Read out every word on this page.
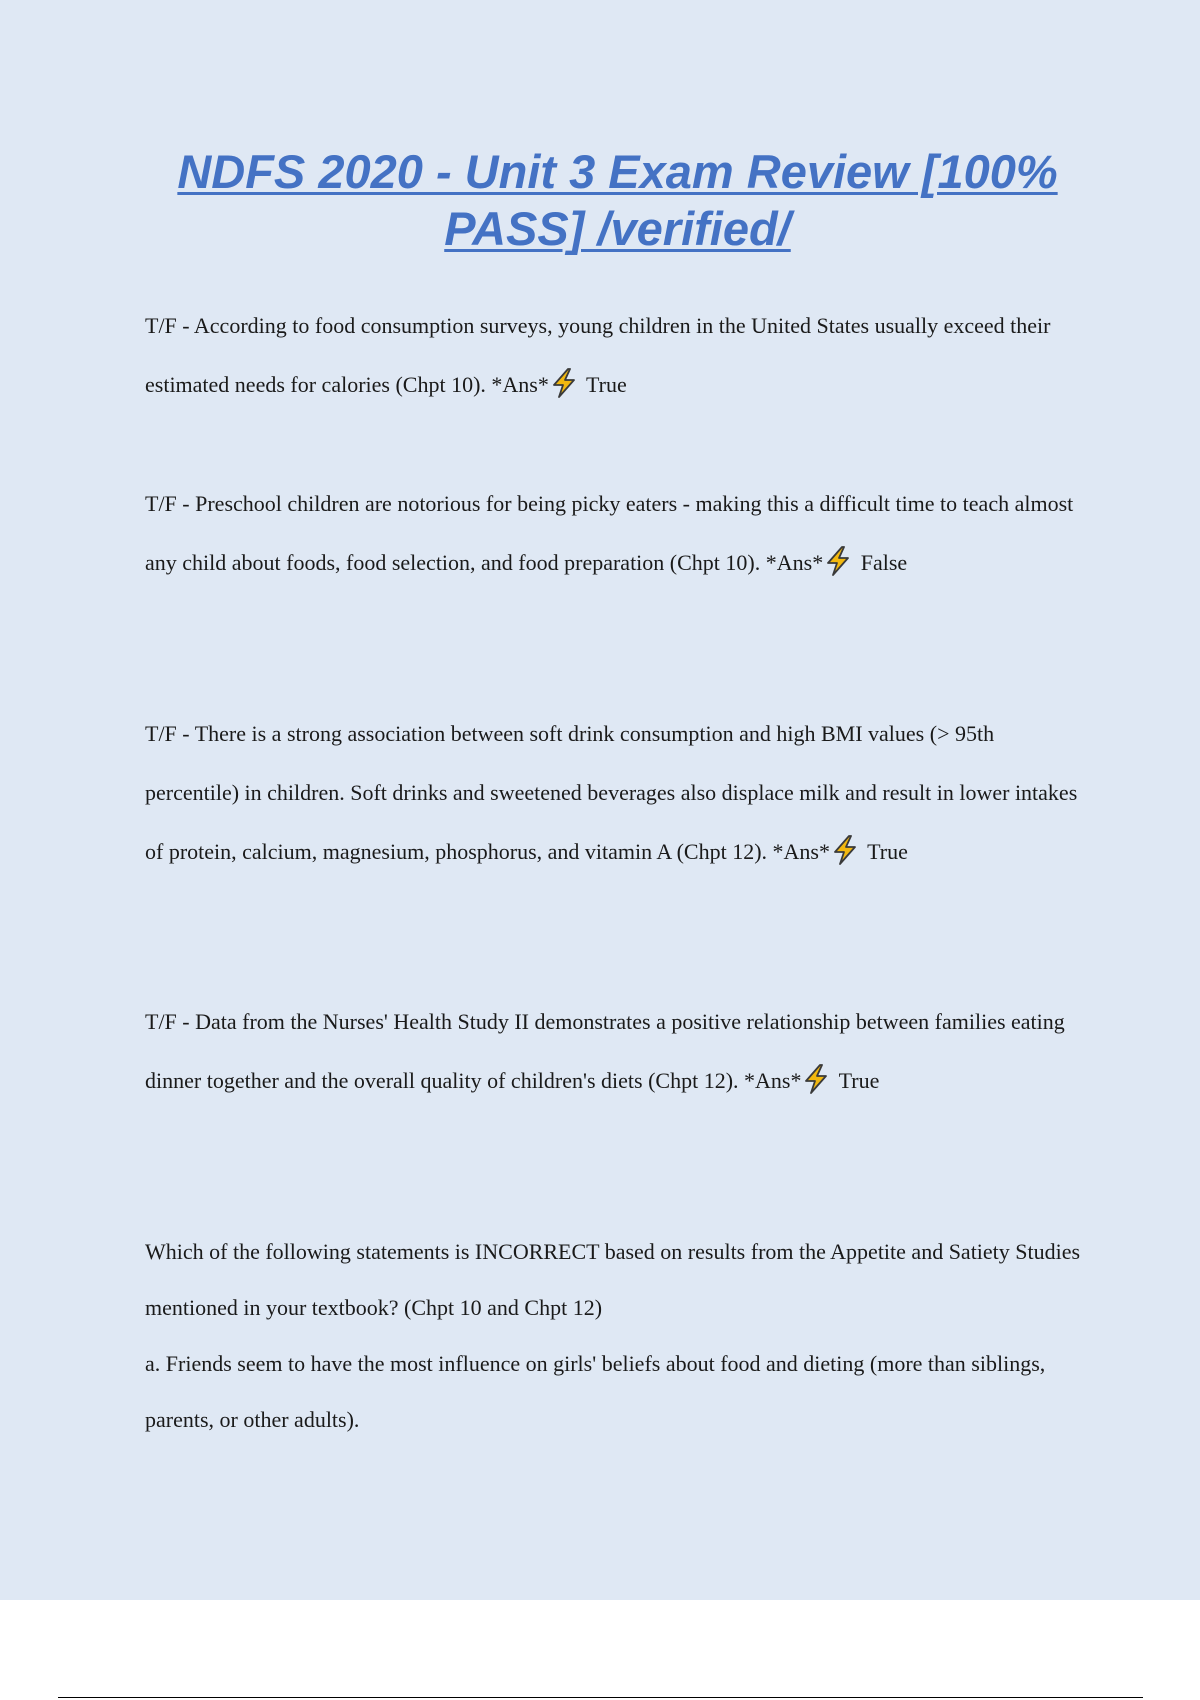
NDFS 2020 - Unit 3 Exam Review [100% PASS] /verified/

T/F - According to food consumption surveys, young children in the United States usually exceed their estimated needs for calories (Chpt 10). *Ans* True

T/F - Preschool children are notorious for being picky eaters - making this a difficult time to teach almost any child about foods, food selection, and food preparation (Chpt 10). *Ans* False

T/F - There is a strong association between soft drink consumption and high BMI values (> 95th percentile) in children. Soft drinks and sweetened beverages also displace milk and result in lower intakes of protein, calcium, magnesium, phosphorus, and vitamin A (Chpt 12). *Ans* True

T/F - Data from the Nurses' Health Study II demonstrates a positive relationship between families eating dinner together and the overall quality of children's diets (Chpt 12). *Ans* True

Which of the following statements is INCORRECT based on results from the Appetite and Satiety Studies mentioned in your textbook? (Chpt 10 and Chpt 12)
a. Friends seem to have the most influence on girls' beliefs about food and dieting (more than siblings, parents, or other adults).
